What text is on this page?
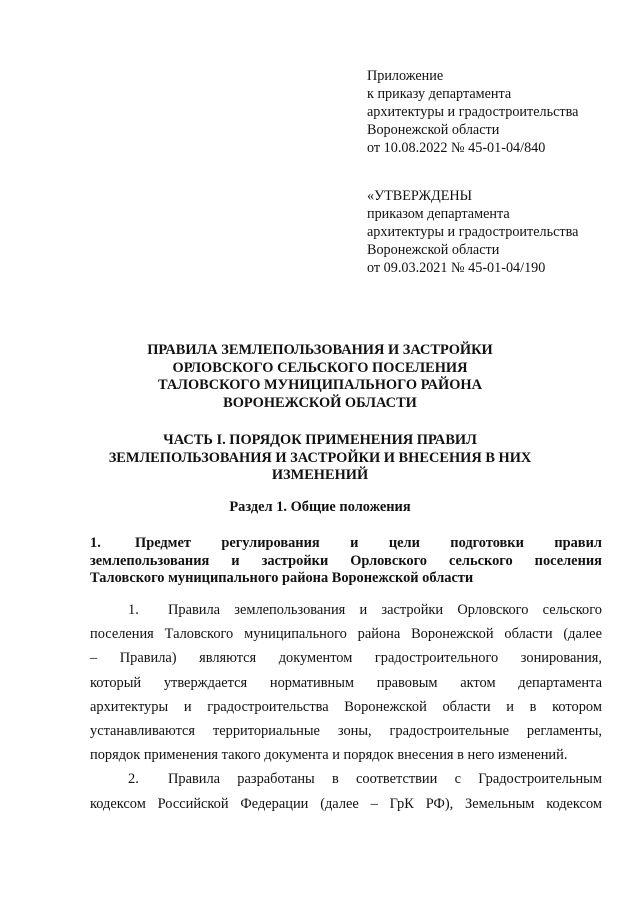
Приложение
к приказу департамента
архитектуры и градостроительства
Воронежской области
от 10.08.2022 № 45-01-04/840
«УТВЕРЖДЕНЫ
приказом департамента
архитектуры и градостроительства
Воронежской области
от 09.03.2021 № 45-01-04/190
ПРАВИЛА ЗЕМЛЕПОЛЬЗОВАНИЯ И ЗАСТРОЙКИ
ОРЛОВСКОГО СЕЛЬСКОГО ПОСЕЛЕНИЯ
ТАЛОВСКОГО МУНИЦИПАЛЬНОГО РАЙОНА
ВОРОНЕЖСКОЙ ОБЛАСТИ
ЧАСТЬ I. ПОРЯДОК ПРИМЕНЕНИЯ ПРАВИЛ
ЗЕМЛЕПОЛЬЗОВАНИЯ И ЗАСТРОЙКИ И ВНЕСЕНИЯ В НИХ
ИЗМЕНЕНИЙ
Раздел 1. Общие положения
1. Предмет регулирования и цели подготовки правил
землепользования и застройки Орловского сельского поселения
Таловского муниципального района Воронежской области
1. Правила землепользования и застройки Орловского сельского
поселения Таловского муниципального района Воронежской области (далее
– Правила) являются документом градостроительного зонирования,
который утверждается нормативным правовым актом департамента
архитектуры и градостроительства Воронежской области и в котором
устанавливаются территориальные зоны, градостроительные регламенты,
порядок применения такого документа и порядок внесения в него изменений.
2. Правила разработаны в соответствии с Градостроительным
кодексом Российской Федерации (далее – ГрК РФ), Земельным кодексом
